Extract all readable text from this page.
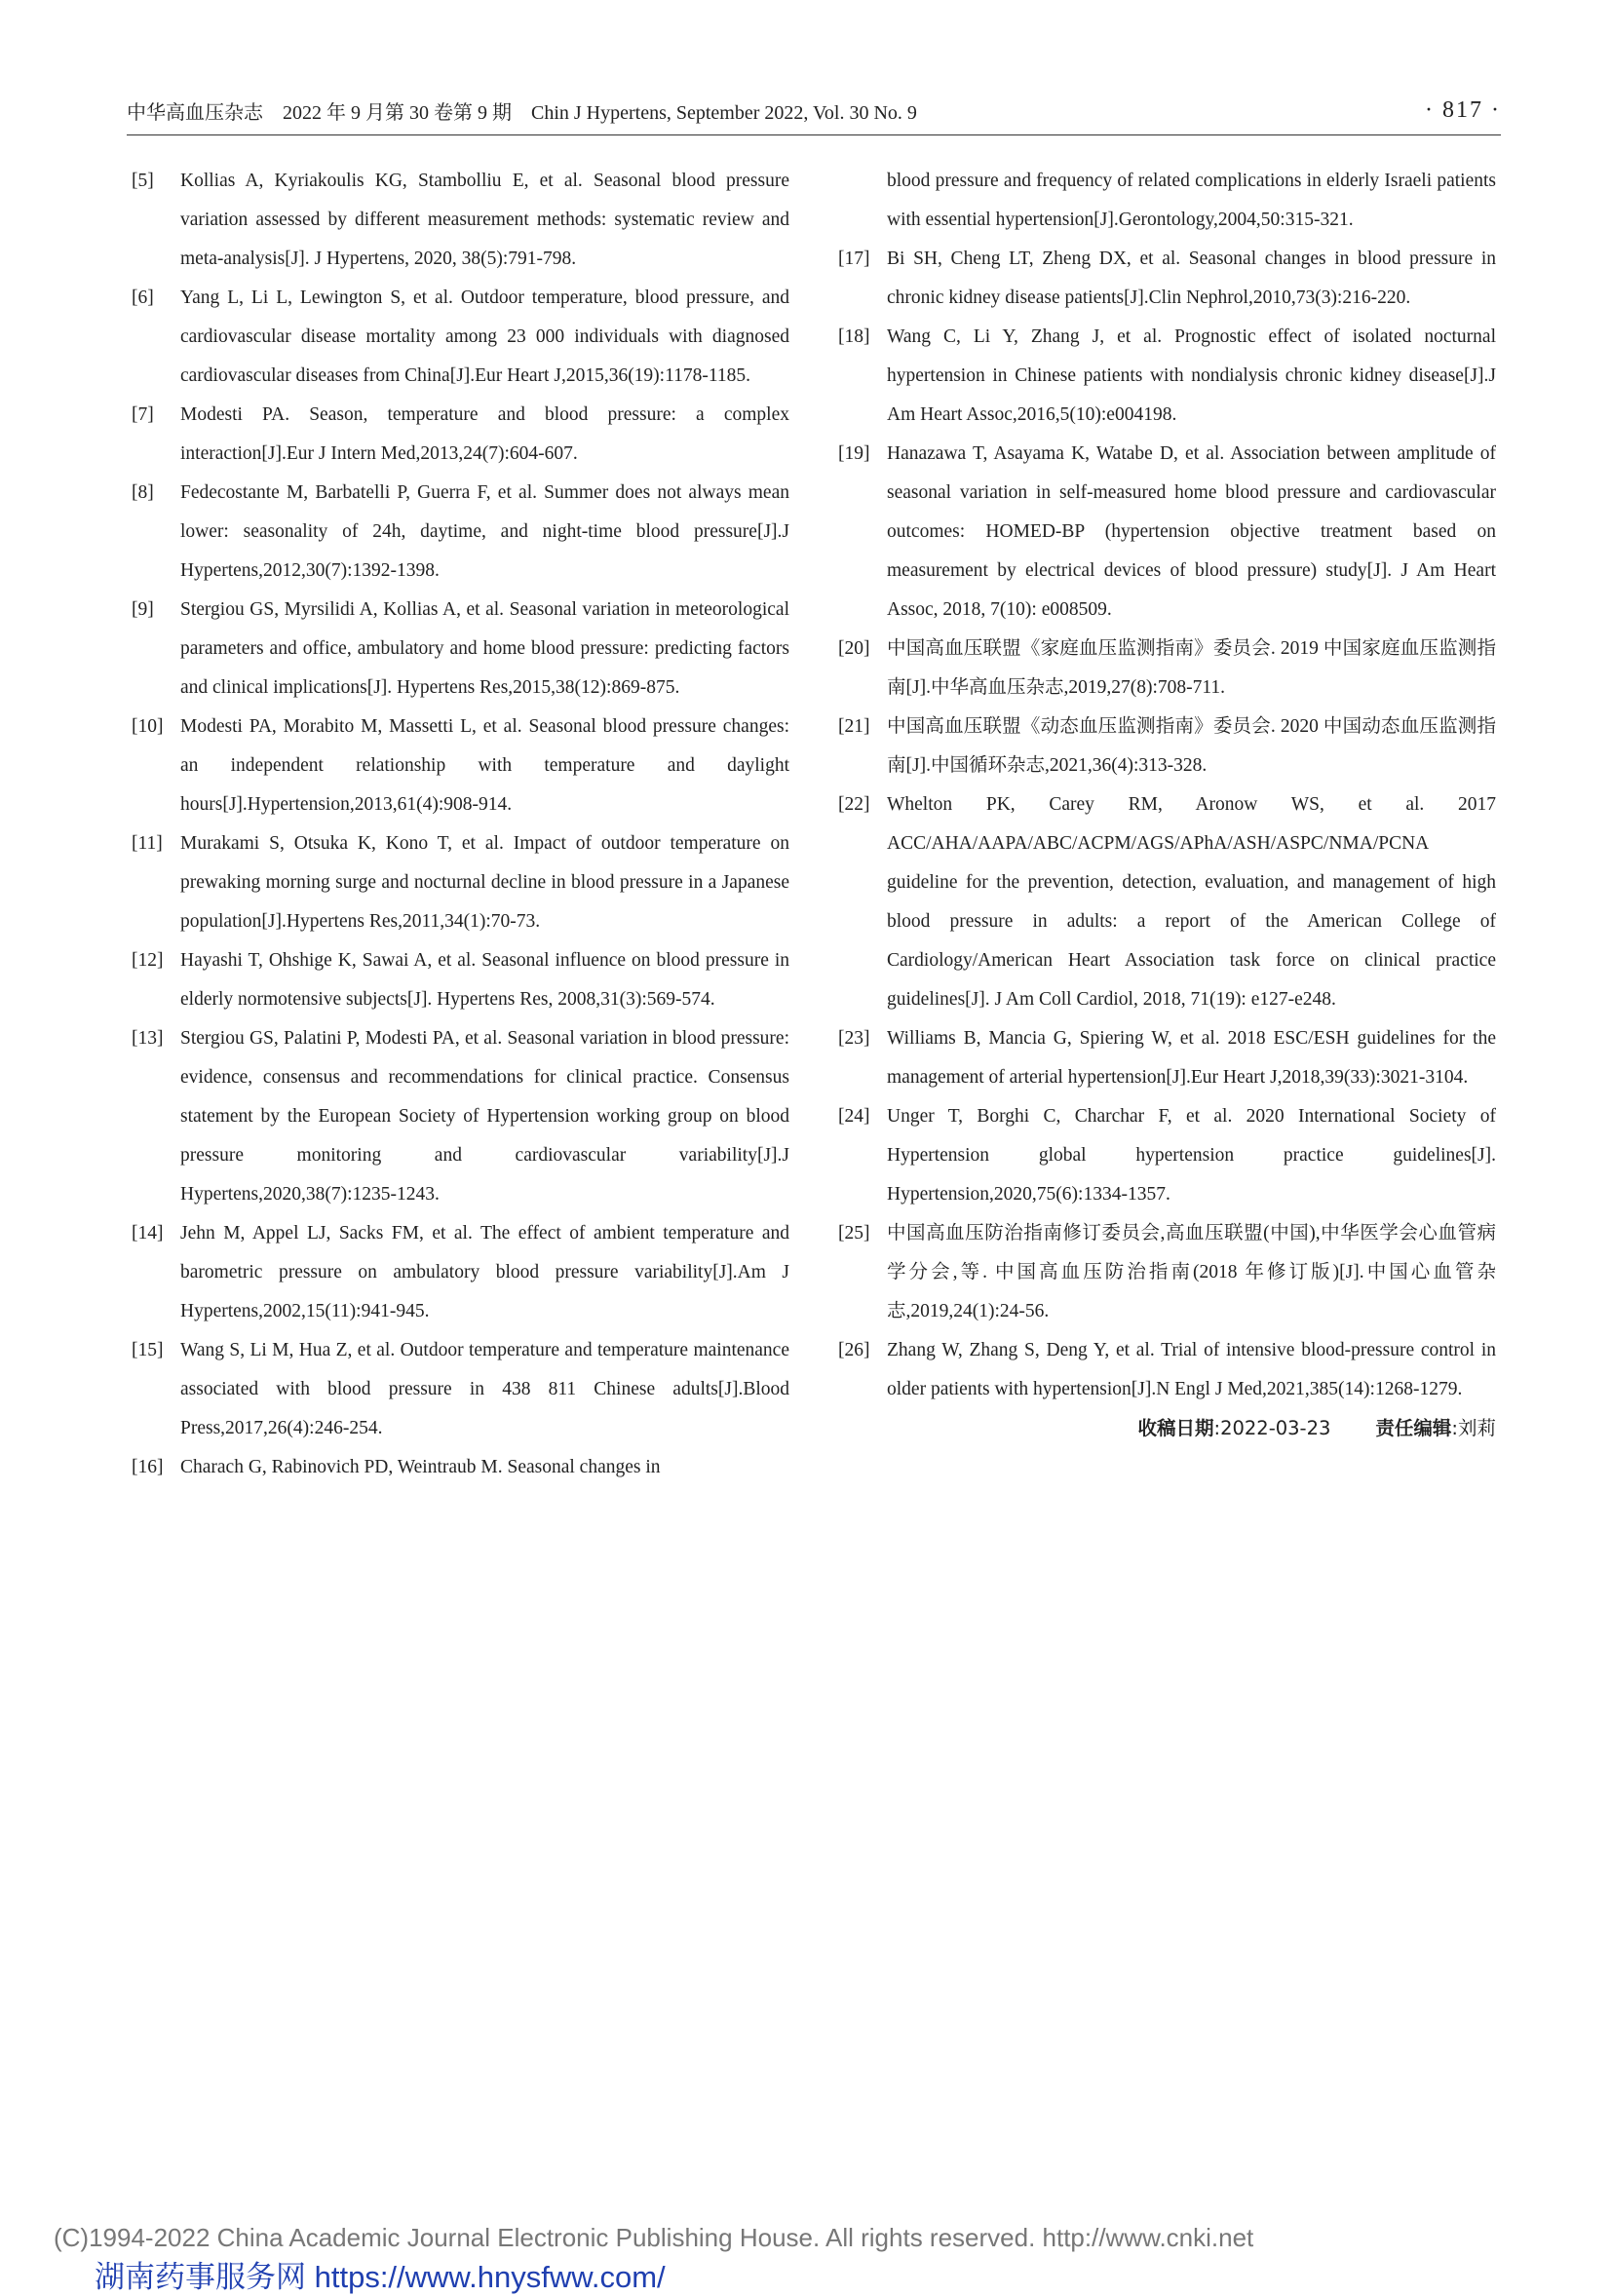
中华高血压杂志 2022 年 9 月第 30 卷第 9 期 Chin J Hypertens, September 2022, Vol. 30 No. 9	· 817 ·
[5]	Kollias A, Kyriakoulis KG, Stambolliu E, et al. Seasonal blood pressure variation assessed by different measurement methods: systematic review and meta-analysis[J]. J Hypertens, 2020, 38(5):791-798.
[6]	Yang L, Li L, Lewington S, et al. Outdoor temperature, blood pressure, and cardiovascular disease mortality among 23 000 individuals with diagnosed cardiovascular diseases from China[J].Eur Heart J,2015,36(19):1178-1185.
[7]	Modesti PA. Season, temperature and blood pressure: a complex interaction[J].Eur J Intern Med,2013,24(7):604-607.
[8]	Fedecostante M, Barbatelli P, Guerra F, et al. Summer does not always mean lower: seasonality of 24h, daytime, and night-time blood pressure[J].J Hypertens,2012,30(7):1392-1398.
[9]	Stergiou GS, Myrsilidi A, Kollias A, et al. Seasonal variation in meteorological parameters and office, ambulatory and home blood pressure: predicting factors and clinical implications[J]. Hypertens Res,2015,38(12):869-875.
[10] Modesti PA, Morabito M, Massetti L, et al. Seasonal blood pressure changes: an independent relationship with temperature and daylight hours[J].Hypertension,2013,61(4):908-914.
[11] Murakami S, Otsuka K, Kono T, et al. Impact of outdoor temperature on prewaking morning surge and nocturnal decline in blood pressure in a Japanese population[J].Hypertens Res,2011,34(1):70-73.
[12] Hayashi T, Ohshige K, Sawai A, et al. Seasonal influence on blood pressure in elderly normotensive subjects[J]. Hypertens Res, 2008,31(3):569-574.
[13] Stergiou GS, Palatini P, Modesti PA, et al. Seasonal variation in blood pressure: evidence, consensus and recommendations for clinical practice. Consensus statement by the European Society of Hypertension working group on blood pressure monitoring and cardiovascular variability[J].J Hypertens,2020,38(7):1235-1243.
[14] Jehn M, Appel LJ, Sacks FM, et al. The effect of ambient temperature and barometric pressure on ambulatory blood pressure variability[J].Am J Hypertens,2002,15(11):941-945.
[15] Wang S, Li M, Hua Z, et al. Outdoor temperature and temperature maintenance associated with blood pressure in 438 811 Chinese adults[J].Blood Press,2017,26(4):246-254.
[16] Charach G, Rabinovich PD, Weintraub M. Seasonal changes in
blood pressure and frequency of related complications in elderly Israeli patients with essential hypertension[J].Gerontology,2004,50:315-321.
[17] Bi SH, Cheng LT, Zheng DX, et al. Seasonal changes in blood pressure in chronic kidney disease patients[J].Clin Nephrol,2010,73(3):216-220.
[18] Wang C, Li Y, Zhang J, et al. Prognostic effect of isolated nocturnal hypertension in Chinese patients with nondialysis chronic kidney disease[J].J Am Heart Assoc,2016,5(10):e004198.
[19] Hanazawa T, Asayama K, Watabe D, et al. Association between amplitude of seasonal variation in self-measured home blood pressure and cardiovascular outcomes: HOMED-BP (hypertension objective treatment based on measurement by electrical devices of blood pressure) study[J]. J Am Heart Assoc, 2018, 7(10): e008509.
[20] 中国高血压联盟《家庭血压监测指南》委员会. 2019 中国家庭血压监测指南[J].中华高血压杂志,2019,27(8):708-711.
[21] 中国高血压联盟《动态血压监测指南》委员会. 2020 中国动态血压监测指南[J].中国循环杂志,2021,36(4):313-328.
[22] Whelton PK, Carey RM, Aronow WS, et al. 2017 ACC/AHA/AAPA/ABC/ACPM/AGS/APhA/ASH/ASPC/NMA/PCNA guideline for the prevention, detection, evaluation, and management of high blood pressure in adults: a report of the American College of Cardiology/American Heart Association task force on clinical practice guidelines[J]. J Am Coll Cardiol, 2018, 71(19): e127-e248.
[23] Williams B, Mancia G, Spiering W, et al. 2018 ESC/ESH guidelines for the management of arterial hypertension[J].Eur Heart J,2018,39(33):3021-3104.
[24] Unger T, Borghi C, Charchar F, et al. 2020 International Society of Hypertension global hypertension practice guidelines[J]. Hypertension,2020,75(6):1334-1357.
[25] 中国高血压防治指南修订委员会,高血压联盟(中国),中华医学会心血管病学分会,等. 中国高血压防治指南(2018 年修订版)[J].中国心血管杂志,2019,24(1):24-56.
[26] Zhang W, Zhang S, Deng Y, et al. Trial of intensive blood-pressure control in older patients with hypertension[J].N Engl J Med,2021,385(14):1268-1279.
收稿日期:2022-03-23 责任编辑:刘莉
(C)1994-2022 China Academic Journal Electronic Publishing House. All rights reserved. http://www.cnki.net
湖南药事服务网 https://www.hnysfww.com/
